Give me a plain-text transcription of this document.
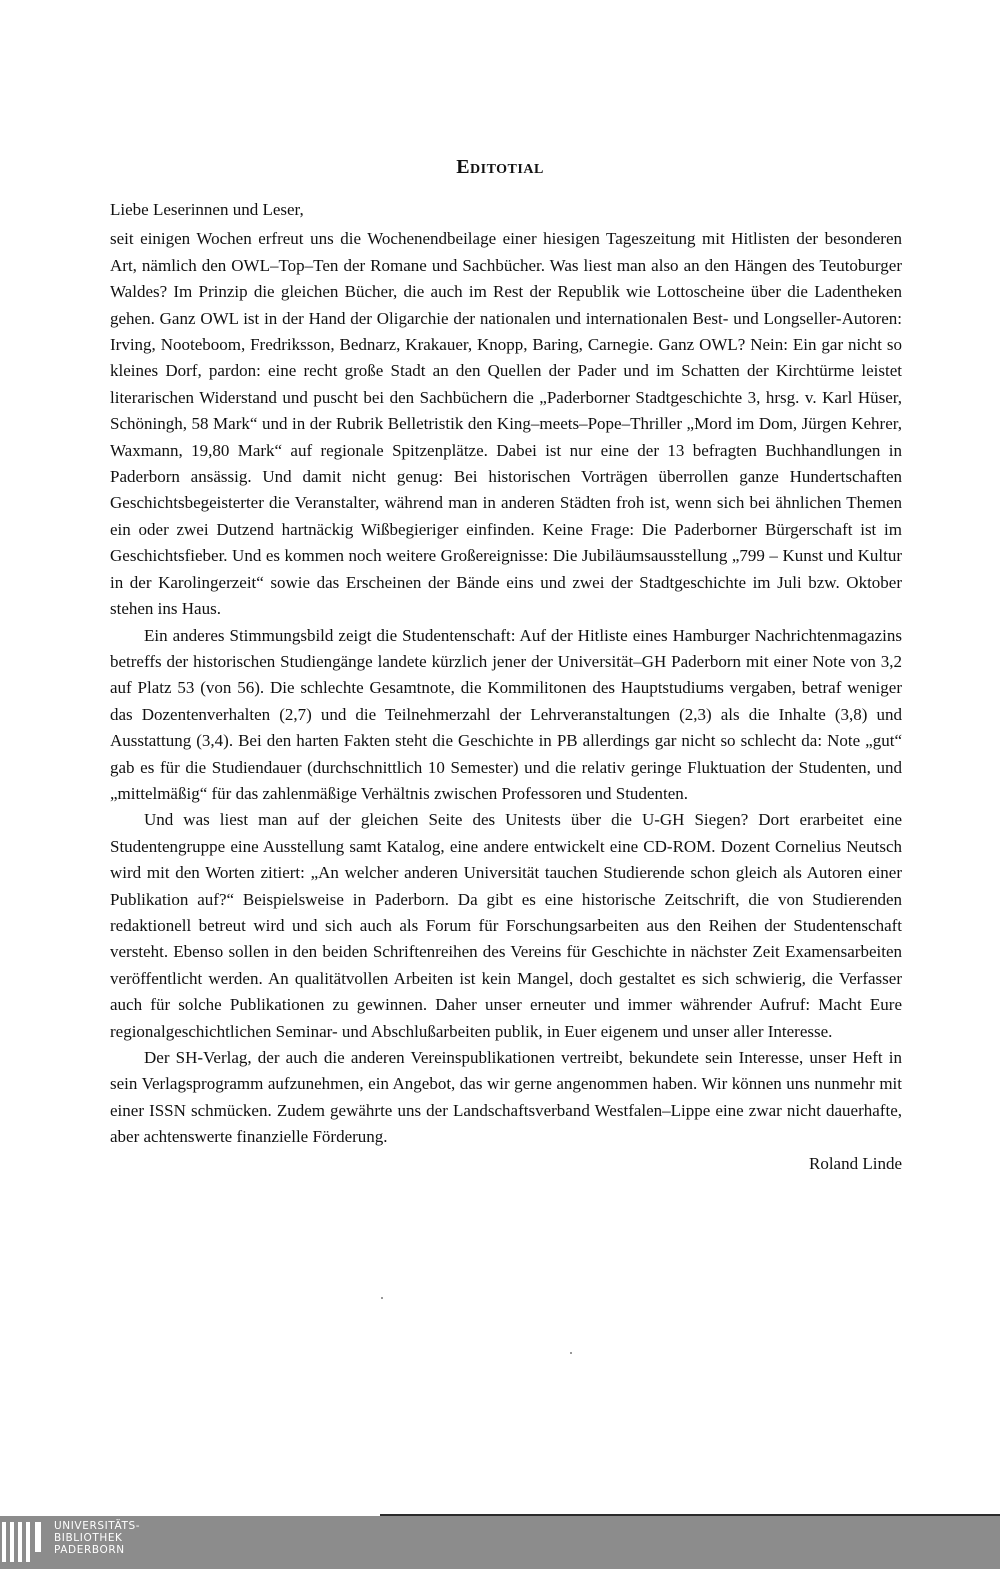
Editotial
Liebe Leserinnen und Leser,

seit einigen Wochen erfreut uns die Wochenendbeilage einer hiesigen Tageszeitung mit Hitlisten der besonderen Art, nämlich den OWL–Top–Ten der Romane und Sachbücher. Was liest man also an den Hängen des Teutoburger Waldes? Im Prinzip die gleichen Bücher, die auch im Rest der Republik wie Lottoscheine über die Ladentheken gehen. Ganz OWL ist in der Hand der Oligarchie der nationalen und internationalen Best- und Longseller-Autoren: Irving, Nooteboom, Fredriksson, Bednarz, Krakauer, Knopp, Baring, Carnegie. Ganz OWL? Nein: Ein gar nicht so kleines Dorf, pardon: eine recht große Stadt an den Quellen der Pader und im Schatten der Kirchtürme leistet literarischen Widerstand und puscht bei den Sachbüchern die „Paderborner Stadtgeschichte 3, hrsg. v. Karl Hüser, Schöningh, 58 Mark“ und in der Rubrik Belletristik den King–meets–Pope–Thriller „Mord im Dom, Jürgen Kehrer, Waxmann, 19,80 Mark“ auf regionale Spitzenplätze. Dabei ist nur eine der 13 befragten Buchhandlungen in Paderborn ansässig. Und damit nicht genug: Bei historischen Vorträgen überrollen ganze Hundertschaften Geschichtsbegeisterter die Veranstalter, während man in anderen Städten froh ist, wenn sich bei ähnlichen Themen ein oder zwei Dutzend hartnäckig Wißbegieriger einfinden. Keine Frage: Die Paderborner Bürgerschaft ist im Geschichtsfieber. Und es kommen noch weitere Großereignisse: Die Jubiläumsausstellung „799 – Kunst und Kultur in der Karolingerzeit“ sowie das Erscheinen der Bände eins und zwei der Stadtgeschichte im Juli bzw. Oktober stehen ins Haus.

Ein anderes Stimmungsbild zeigt die Studentenschaft: Auf der Hitliste eines Hamburger Nachrichtenmagazins betreffs der historischen Studiengänge landete kürzlich jener der Universität–GH Paderborn mit einer Note von 3,2 auf Platz 53 (von 56). Die schlechte Gesamtnote, die Kommilitonen des Hauptstudiums vergaben, betraf weniger das Dozentenverhalten (2,7) und die Teilnehmerzahl der Lehrveranstaltungen (2,3) als die Inhalte (3,8) und Ausstattung (3,4). Bei den harten Fakten steht die Geschichte in PB allerdings gar nicht so schlecht da: Note „gut“ gab es für die Studiendauer (durchschnittlich 10 Semester) und die relativ geringe Fluktuation der Studenten, und „mittelmäßig“ für das zahlenmäßige Verhältnis zwischen Professoren und Studenten.

Und was liest man auf der gleichen Seite des Unitests über die U-GH Siegen? Dort erarbeitet eine Studentengruppe eine Ausstellung samt Katalog, eine andere entwickelt eine CD-ROM. Dozent Cornelius Neutsch wird mit den Worten zitiert: „An welcher anderen Universität tauchen Studierende schon gleich als Autoren einer Publikation auf?“ Beispielsweise in Paderborn. Da gibt es eine historische Zeitschrift, die von Studierenden redaktionell betreut wird und sich auch als Forum für Forschungsarbeiten aus den Reihen der Studentenschaft versteht. Ebenso sollen in den beiden Schriftenreihen des Vereins für Geschichte in nächster Zeit Examensarbeiten veröffentlicht werden. An qualitätvollen Arbeiten ist kein Mangel, doch gestaltet es sich schwierig, die Verfasser auch für solche Publikationen zu gewinnen. Daher unser erneuter und immer währender Aufruf: Macht Eure regionalgeschichtlichen Seminar- und Abschlußarbeiten publik, in Euer eigenem und unser aller Interesse.

Der SH-Verlag, der auch die anderen Vereinspublikationen vertreibt, bekundete sein Interesse, unser Heft in sein Verlagsprogramm aufzunehmen, ein Angebot, das wir gerne angenommen haben. Wir können uns nunmehr mit einer ISSN schmücken. Zudem gewährte uns der Landschaftsverband Westfalen–Lippe eine zwar nicht dauerhafte, aber achtenswerte finanzielle Förderung.

Roland Linde
UNIVERSITÄTS-
BIBLIOTHEK
PADERBORN
